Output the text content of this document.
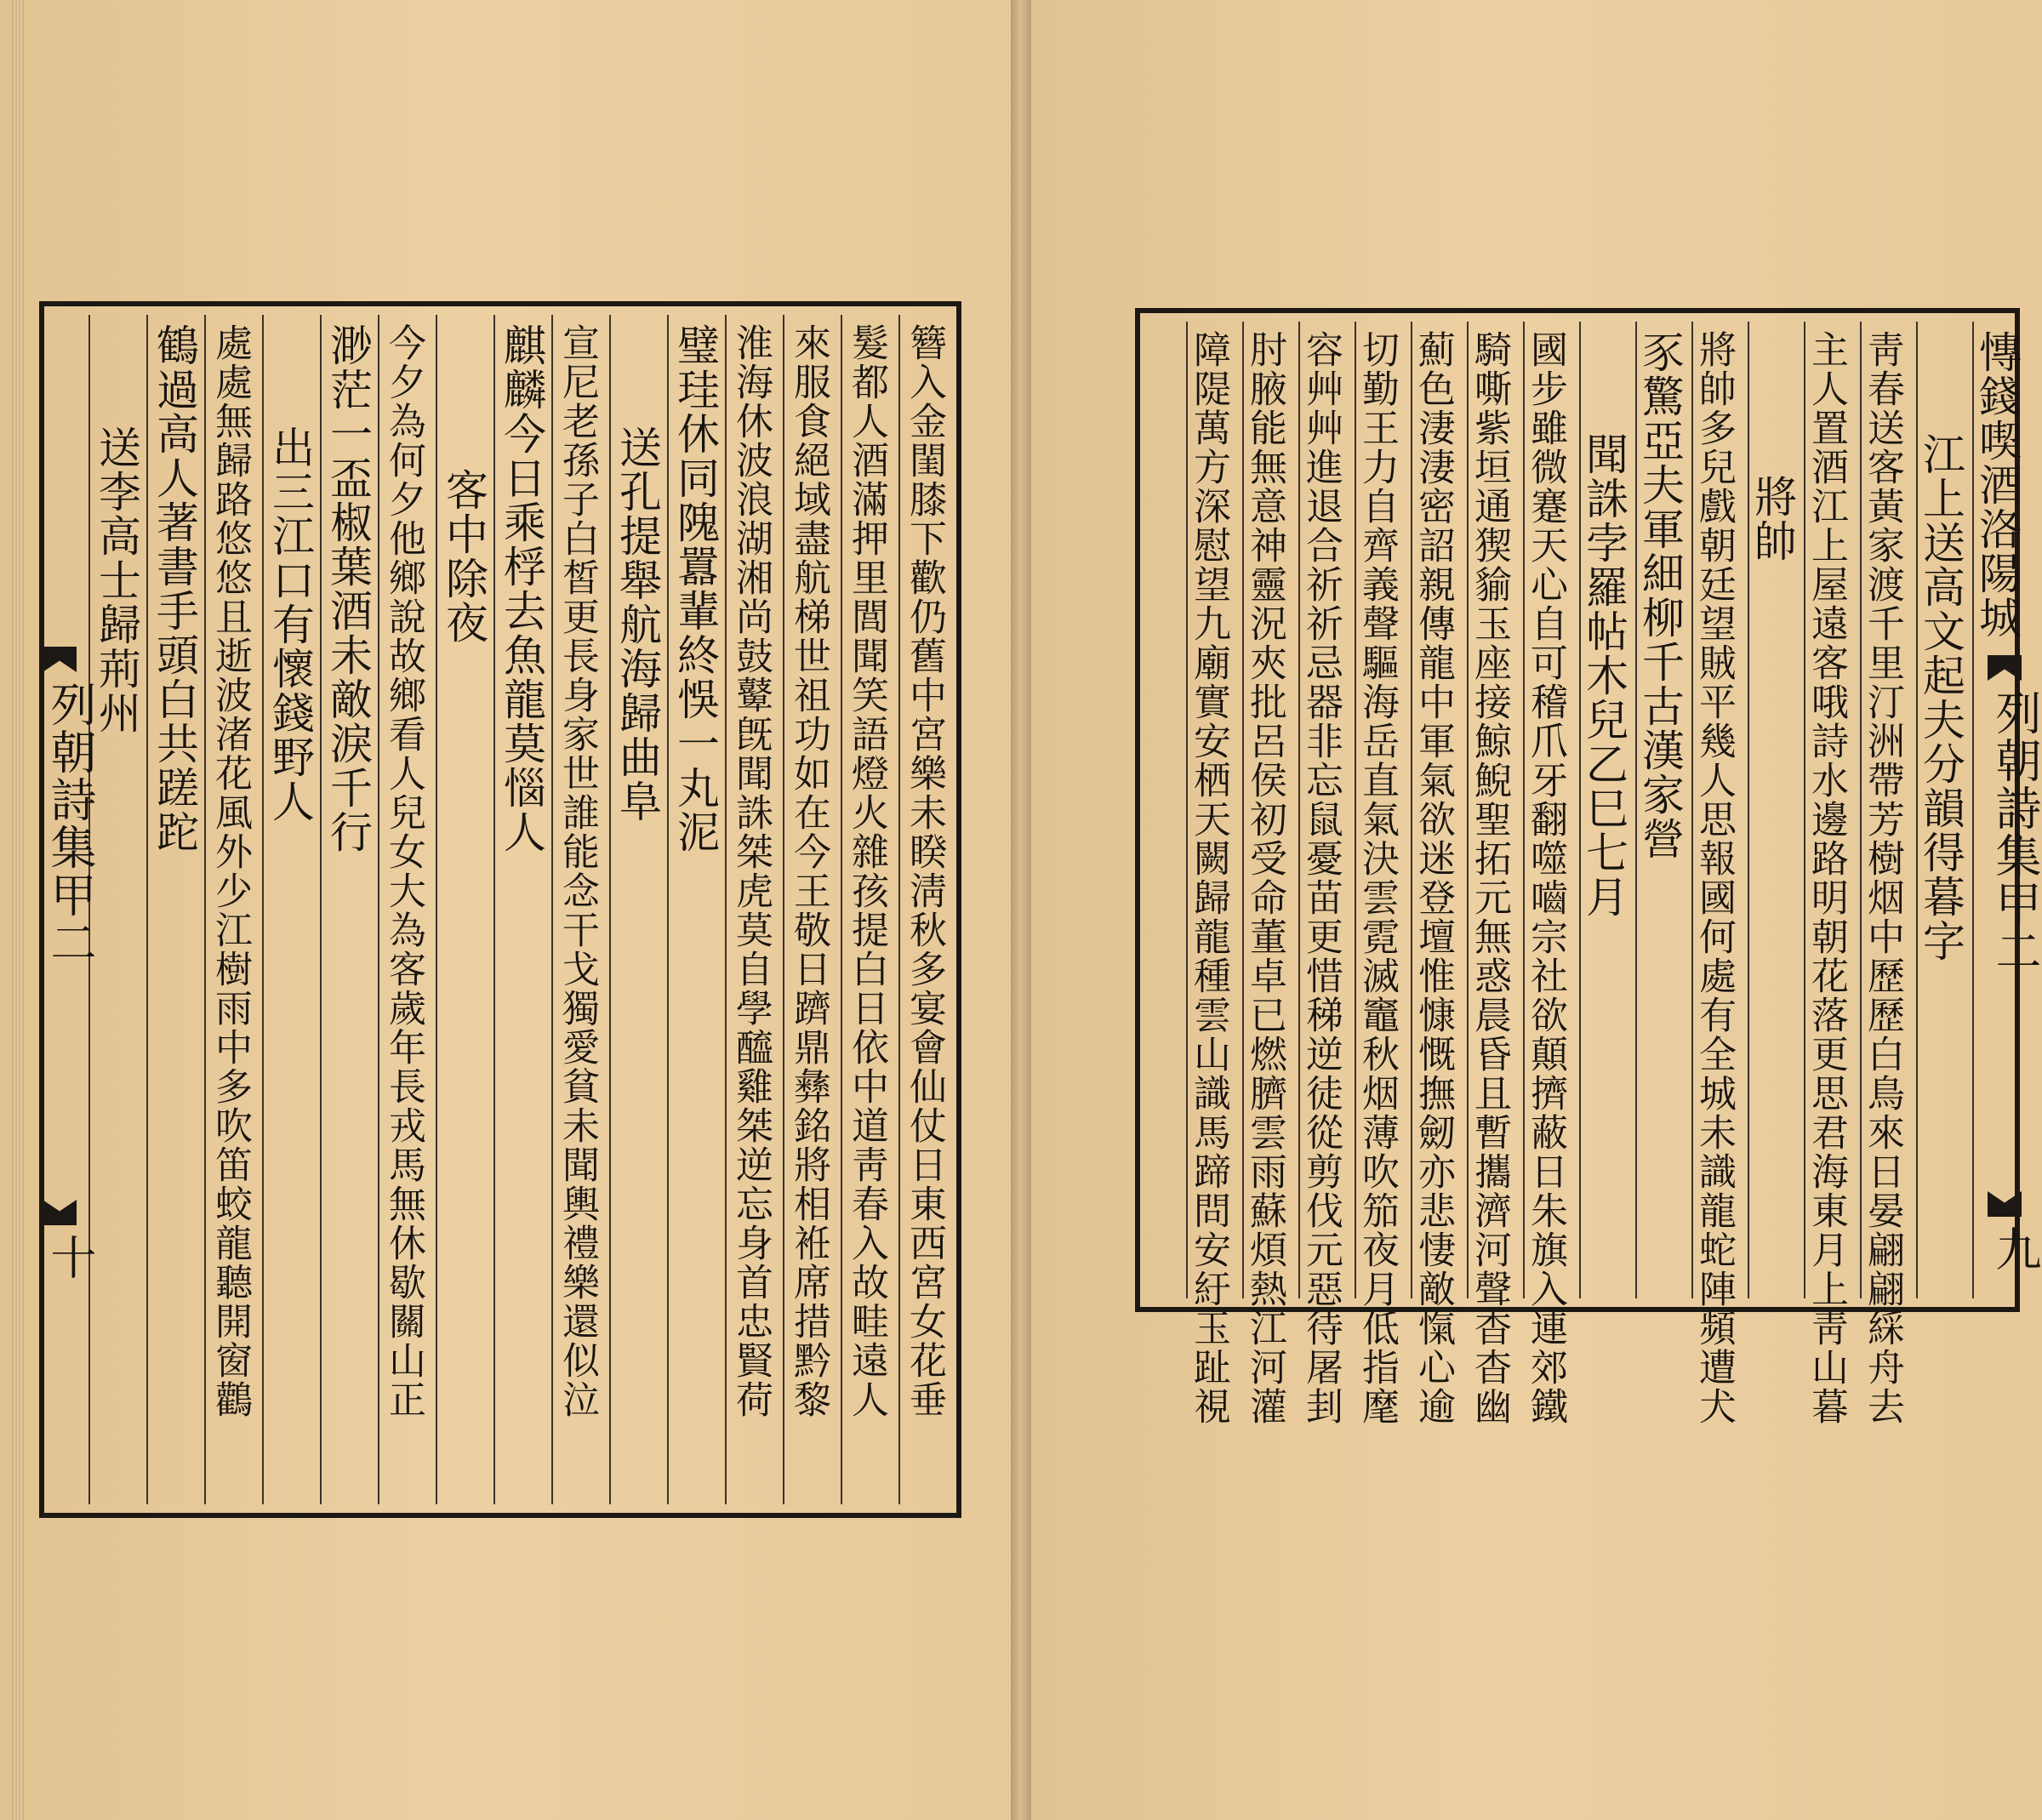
簪入金閨膝下歡仍舊中宮樂未睽淸秋多宴會仙仗日東西宮女花垂
髮都人酒滿押里閭聞笑語燈火雜孩提白日依中道靑春入故畦遠人
來服食絕域盡航梯世祖功如在今王敬日躋鼎彝銘將相袵席措黔黎
淮海休波浪湖湘尚鼓鼙旣聞誅桀虎莫自學醯雞桀逆忘身首忠賢荷
璧珪休同隗囂輩終悞一丸泥
送孔提舉航海歸曲阜
宣尼老孫子白皙更長身家世誰能念干戈獨愛貧未聞輿禮樂還似泣
麒麟今日乘桴去魚龍莫惱人
客中除夜
今夕為何夕他鄉說故鄉看人兒女大為客歲年長戎馬無休歇關山正
渺茫一盃椒葉酒未敵淚千行
出三江口有懷錢野人
處處無歸路悠悠且逝波渚花風外少江樹雨中多吹笛蛟龍聽開窗鸛
鶴過高人著書手頭白共蹉跎
送李高士歸荊州
列朝詩集甲二
十
慱錢喫酒洛陽城
江上送高文起夫分韻得暮字
靑春送客黃家渡千里汀洲帶芳樹烟中歷歷白鳥來日晏翩翩綵舟去
主人置酒江上屋遠客哦詩水邊路明朝花落更思君海東月上靑山暮
將帥
將帥多兒戲朝廷望賊平幾人思報國何處有全城未識龍蛇陣頻遭犬
豕驚亞夫軍細柳千古漢家營
聞誅孛羅帖木兒乙巳七月
國步雖微蹇天心自可稽爪牙翻噬嚙宗社欲顛擠蔽日朱旗入連郊鐵
騎嘶紫垣通猰貐玉座接鯨鯢聖拓元無惑晨昏且暫攜濟河聲杳杳幽
薊色淒淒密詔親傳龍中軍氣欲迷登壇惟慷慨撫劒亦悲悽敵愾心逾
切勤王力自齊義聲驅海岳直氣決雲霓滅竈秋烟薄吹笳夜月低指麾
容艸艸進退合祈祈忌器非忘鼠憂苗更惜稊逆徒從剪伐元惡待屠刲
肘腋能無意神靈況夾批呂侯初受命董卓已燃臍雲雨蘇煩熱江河灌
障隄萬方深慰望九廟實安栖天闕歸龍種雲山識馬蹄問安紆玉趾視	列朝詩集甲二
九
